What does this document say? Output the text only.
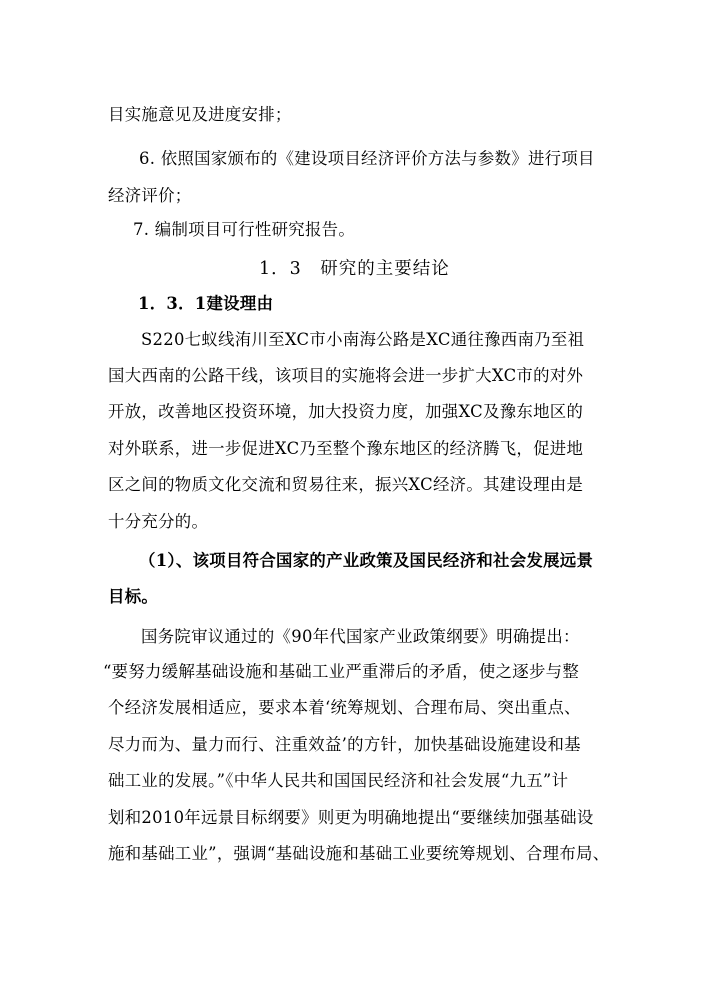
目实施意见及进度安排；
6. 依照国家颁布的《建设项目经济评价方法与参数》进行项目
经济评价；
7. 编制项目可行性研究报告。
1．3　研究的主要结论
1．3．1建设理由
S220七蚁线洧川至XC市小南海公路是XC通往豫西南乃至祖
国大西南的公路干线，该项目的实施将会进一步扩大XC市的对外
开放，改善地区投资环境，加大投资力度，加强XC及豫东地区的
对外联系，进一步促进XC乃至整个豫东地区的经济腾飞，促进地
区之间的物质文化交流和贸易往来，振兴XC经济。其建设理由是
十分充分的。
（1）、该项目符合国家的产业政策及国民经济和社会发展远景
目标。
国务院审议通过的《90年代国家产业政策纲要》明确提出：
“要努力缓解基础设施和基础工业严重滞后的矛盾，使之逐步与整
个经济发展相适应，要求本着‘统筹规划、合理布局、突出重点、
尽力而为、量力而行、注重效益’的方针，加快基础设施建设和基
础工业的发展。”《中华人民共和国国民经济和社会发展“九五”计
划和2010年远景目标纲要》则更为明确地提出“要继续加强基础设
施和基础工业”，强调“基础设施和基础工业要统筹规划、合理布局、
